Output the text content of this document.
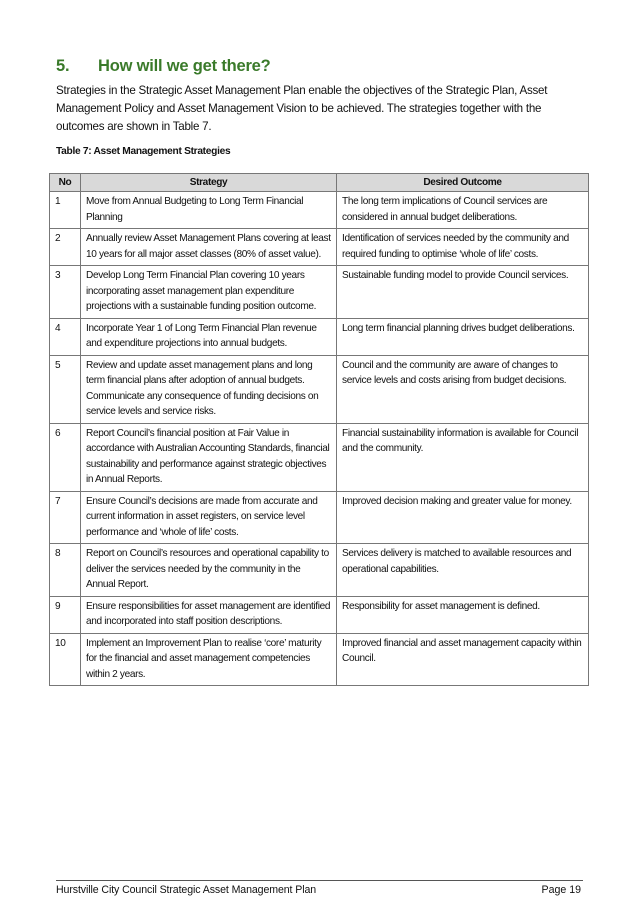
5. How will we get there?
Strategies in the Strategic Asset Management Plan enable the objectives of the Strategic Plan, Asset Management Policy and Asset Management Vision to be achieved. The strategies together with the outcomes are shown in Table 7.
Table 7: Asset Management Strategies
No	Strategy	Desired Outcome
1	Move from Annual Budgeting to Long Term Financial Planning	The long term implications of Council services are considered in annual budget deliberations.
2	Annually review Asset Management Plans covering at least 10 years for all major asset classes (80% of asset value).	Identification of services needed by the community and required funding to optimise ‘whole of life’ costs.
3	Develop Long Term Financial Plan covering 10 years incorporating asset management plan expenditure projections with a sustainable funding position outcome.	Sustainable funding model to provide Council services.
4	Incorporate Year 1 of Long Term Financial Plan revenue and expenditure projections into annual budgets.	Long term financial planning drives budget deliberations.
5	Review and update asset management plans and long term financial plans after adoption of annual budgets. Communicate any consequence of funding decisions on service levels and service risks.	Council and the community are aware of changes to service levels and costs arising from budget decisions.
6	Report Council’s financial position at Fair Value in accordance with Australian Accounting Standards, financial sustainability and performance against strategic objectives in Annual Reports.	Financial sustainability information is available for Council and the community.
7	Ensure Council’s decisions are made from accurate and current information in asset registers, on service level performance and ‘whole of life’ costs.	Improved decision making and greater value for money.
8	Report on Council’s resources and operational capability to deliver the services needed by the community in the Annual Report.	Services delivery is matched to available resources and operational capabilities.
9	Ensure responsibilities for asset management are identified and incorporated into staff position descriptions.	Responsibility for asset management is defined.
10	Implement an Improvement Plan to realise ‘core’ maturity for the financial and asset management competencies within 2 years.	Improved financial and asset management capacity within Council.
Hurstville City Council Strategic Asset Management Plan	Page 19
